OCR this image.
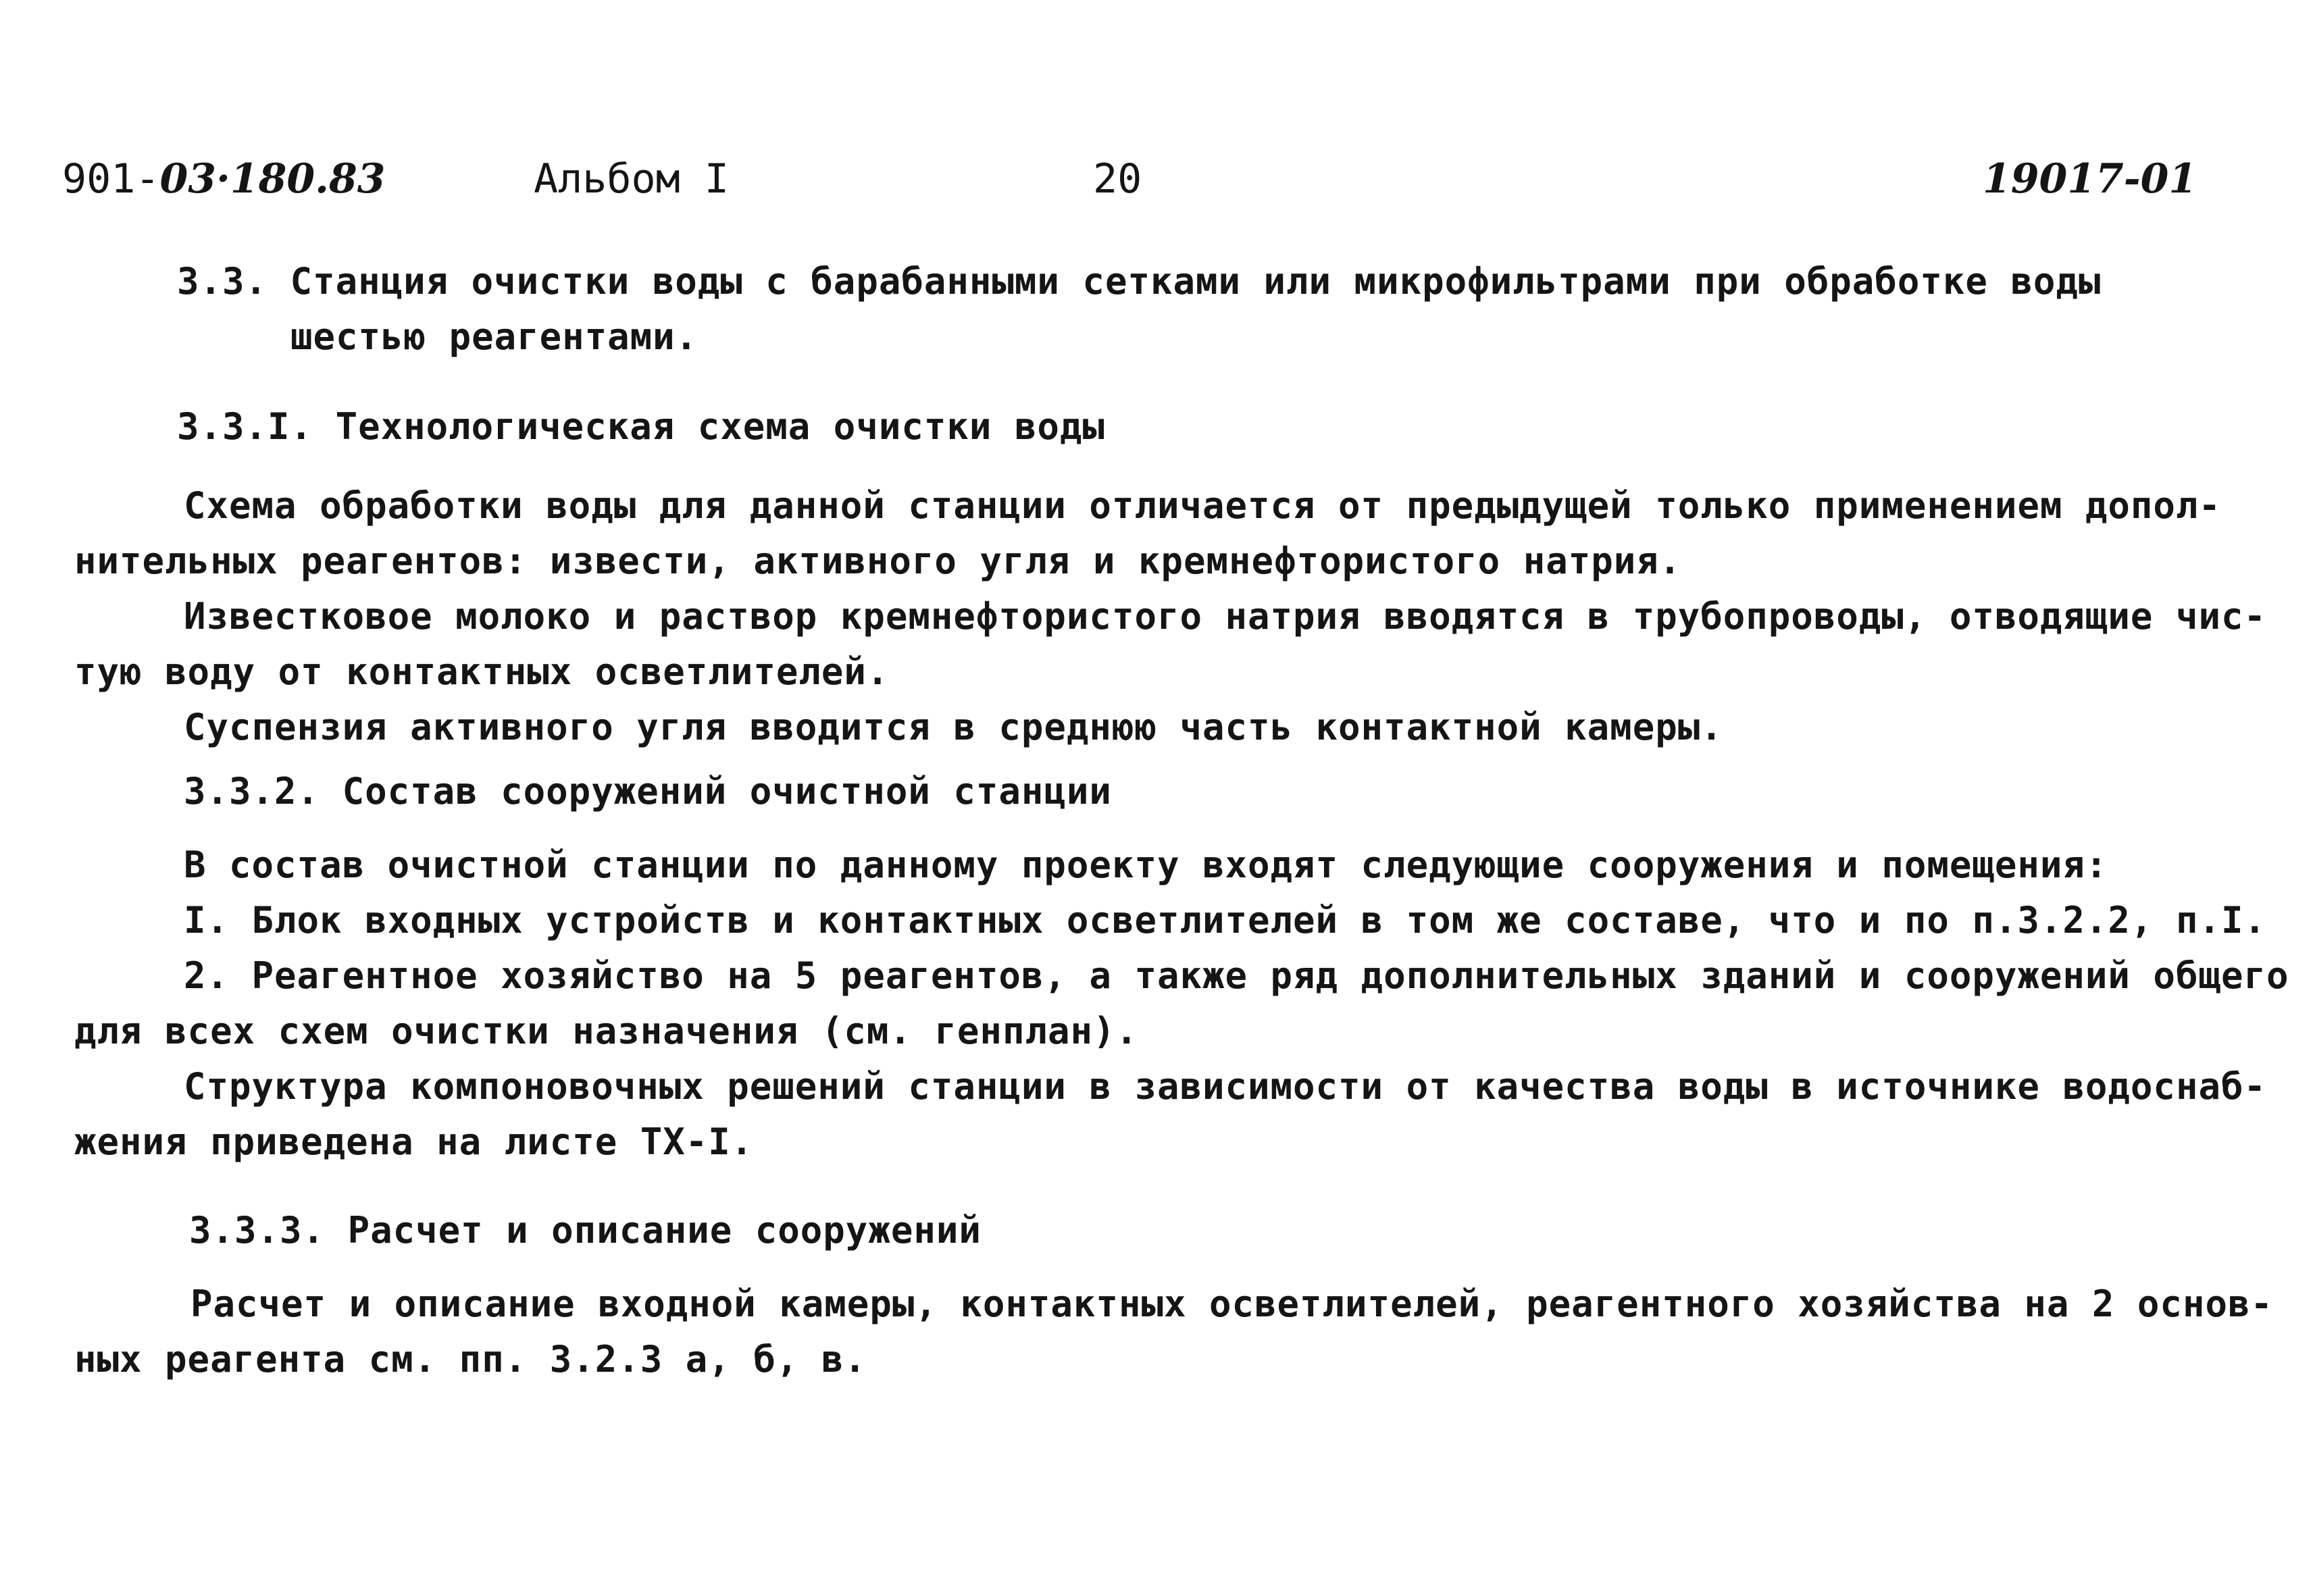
901-03·180.83	Альбом I	20	19017-01
3.3. Станция очистки воды с барабанными сетками или микрофильтрами при обработке воды
шестью реагентами.
3.3.I. Технологическая схема очистки воды
Схема обработки воды для данной станции отличается от предыдущей только применением допол-
нительных реагентов: извести, активного угля и кремнефтористого натрия.
Известковое молоко и раствор кремнефтористого натрия вводятся в трубопроводы, отводящие чис-
тую воду от контактных осветлителей.
Суспензия активного угля вводится в среднюю часть контактной камеры.
3.3.2. Состав сооружений очистной станции
В состав очистной станции по данному проекту входят следующие сооружения и помещения:
I. Блок входных устройств и контактных осветлителей в том же составе, что и по п.3.2.2, п.I.
2. Реагентное хозяйство на 5 реагентов, а также ряд дополнительных зданий и сооружений общего
для всех схем очистки назначения (см. генплан).
Структура компоновочных решений станции в зависимости от качества воды в источнике водоснаб-
жения приведена на листе ТХ-I.
3.3.3. Расчет и описание сооружений
Расчет и описание входной камеры, контактных осветлителей, реагентного хозяйства на 2 основ-
ных реагента см. пп. 3.2.3 а, б, в.
